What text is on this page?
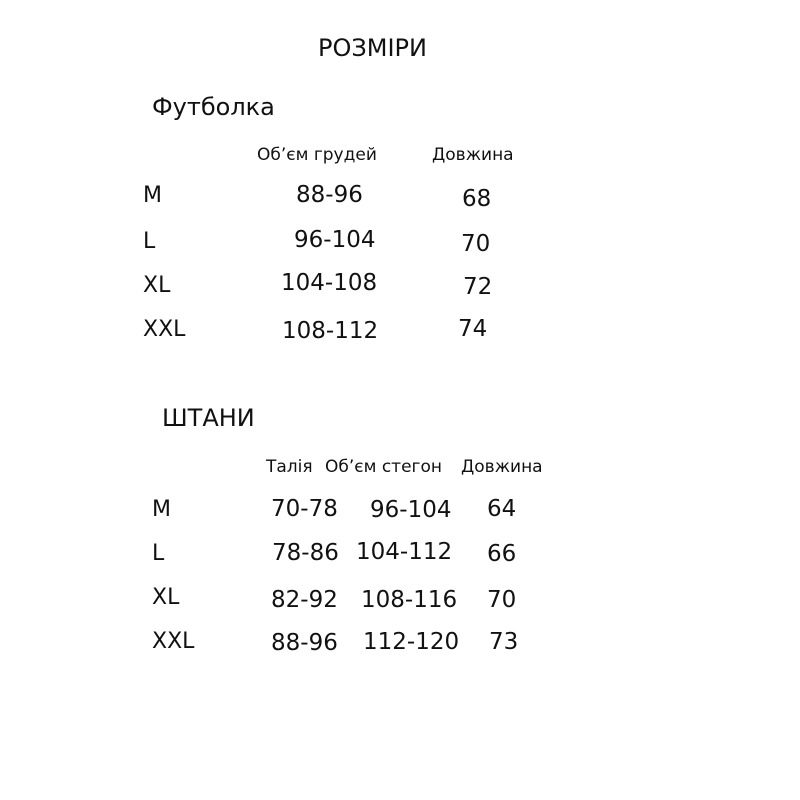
РОЗМІРИ
Футболка
Об’єм грудей	Довжина
M	88-96	68
L	96-104	70
XL	104-108	72
XXL	108-112	74
ШТАНИ
Талія Об’єм стегон Довжина
M	70-78 96-104 64
L	78-86 104-112 66
XL	82-92 108-116 70
XXL	88-96 112-120 73
